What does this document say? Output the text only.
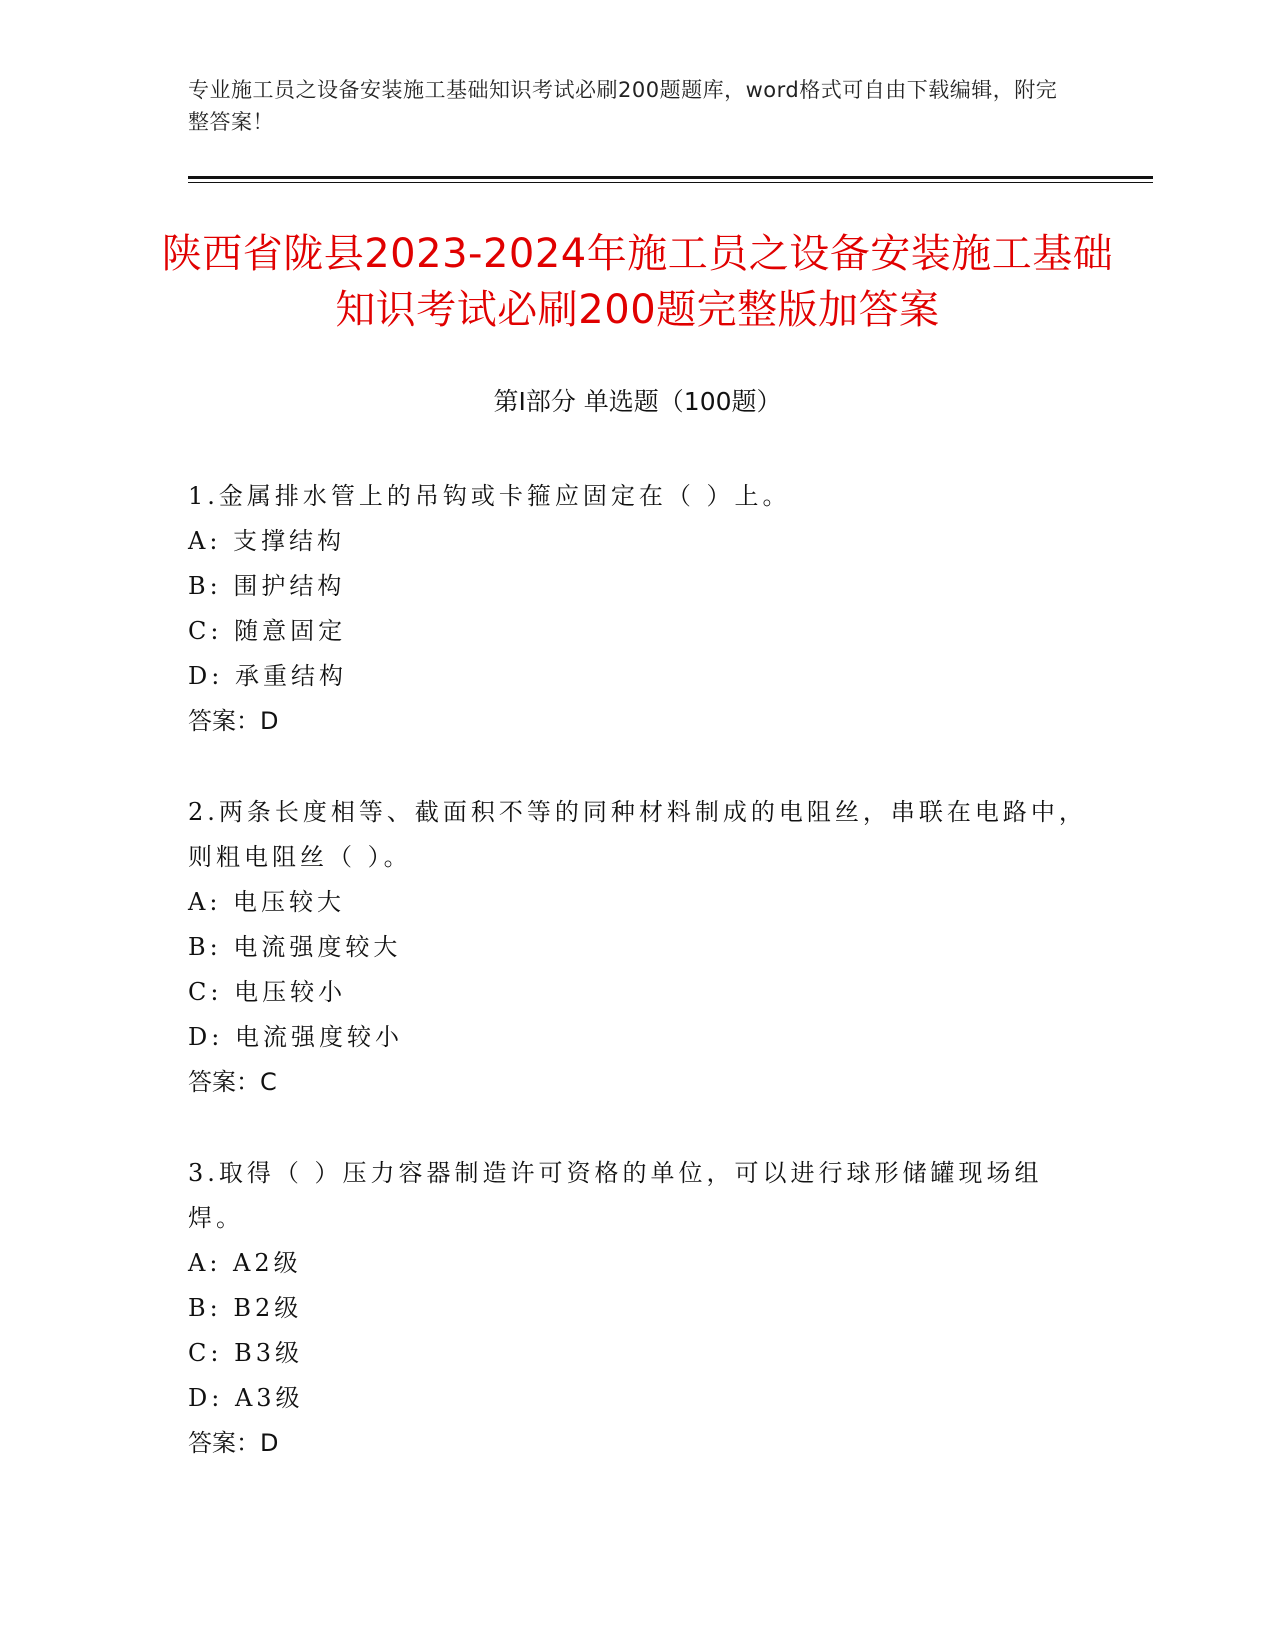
专业施工员之设备安装施工基础知识考试必刷200题题库，word格式可自由下载编辑，附完整答案！
陕西省陇县2023-2024年施工员之设备安装施工基础知识考试必刷200题完整版加答案
第Ⅰ部分 单选题（100题）
1.金属排水管上的吊钩或卡箍应固定在（ ）上。
A: 支撑结构
B: 围护结构
C: 随意固定
D: 承重结构
答案：D
2.两条长度相等、截面积不等的同种材料制成的电阻丝，串联在电路中，则粗电阻丝（ ）。
A: 电压较大
B: 电流强度较大
C: 电压较小
D: 电流强度较小
答案：C
3.取得（ ）压力容器制造许可资格的单位，可以进行球形储罐现场组焊。
A: A2级
B: B2级
C: B3级
D: A3级
答案：D
